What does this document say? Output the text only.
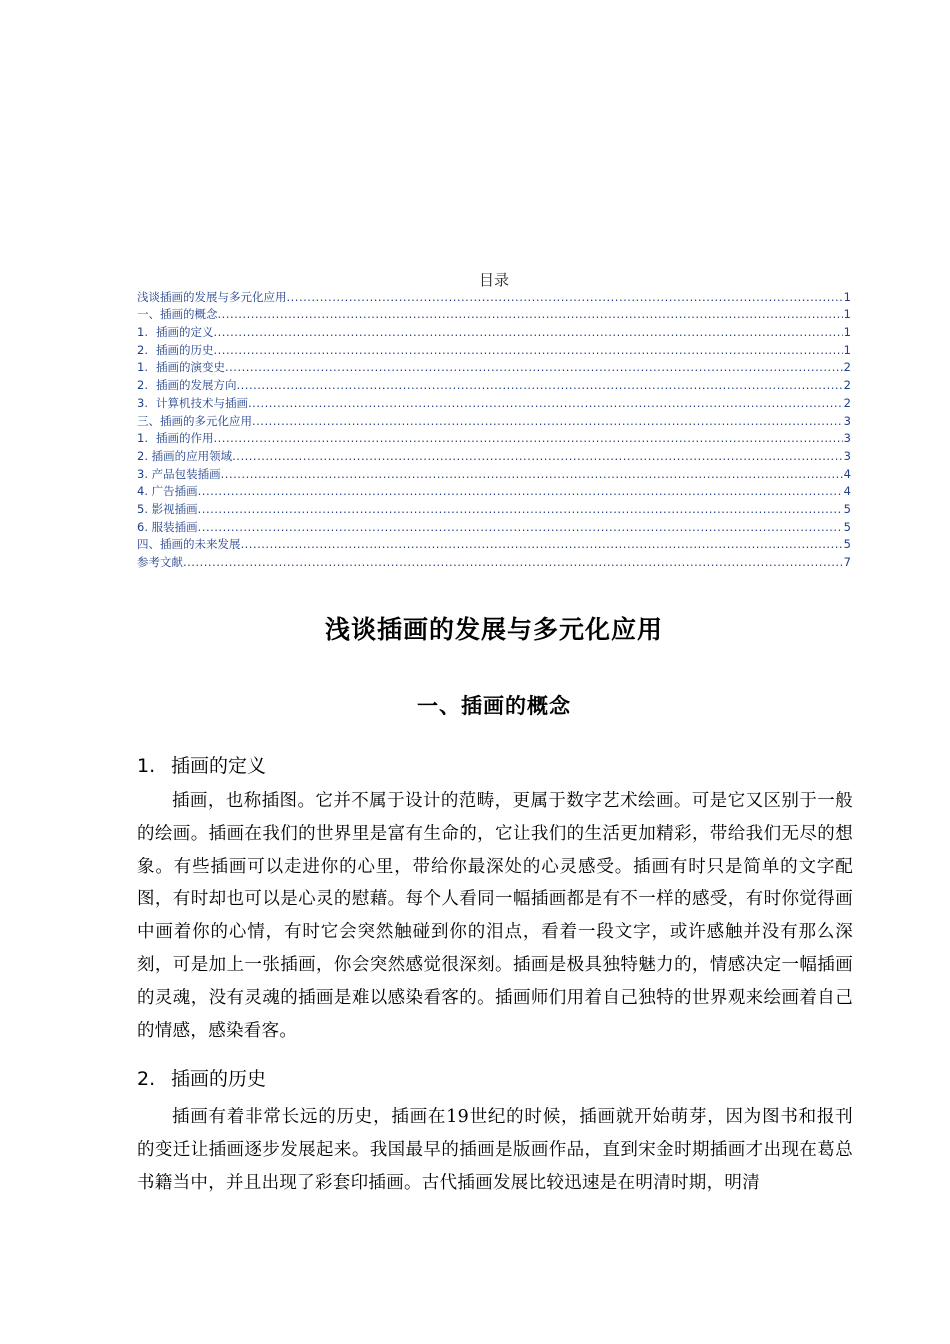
目录
浅谈插画的发展与多元化应用 .....	1
一、插画的概念 .....	1
1. 插画的定义 .....	1
2. 插画的历史 .....	1
1. 插画的演变史 .....	2
2. 插画的发展方向 .....	2
3. 计算机技术与插画 .....	2
三、插画的多元化应用 .....	3
1. 插画的作用 .....	3
2. 插画的应用领域 .....	3
3. 产品包装插画 .....	4
4. 广告插画 .....	4
5. 影视插画 .....	5
6. 服装插画 .....	5
四、插画的未来发展 .....	5
参考文献 .....	7
浅谈插画的发展与多元化应用
一、插画的概念
1. 插画的定义
插画，也称插图。它并不属于设计的范畴，更属于数字艺术绘画。可是它又区别于一般的绘画。插画在我们的世界里是富有生命的，它让我们的生活更加精彩，带给我们无尽的想象。有些插画可以走进你的心里，带给你最深处的心灵感受。插画有时只是简单的文字配图，有时却也可以是心灵的慰藉。每个人看同一幅插画都是有不一样的感受，有时你觉得画中画着你的心情，有时它会突然触碰到你的泪点，看着一段文字，或许感触并没有那么深刻，可是加上一张插画，你会突然感觉很深刻。插画是极具独特魅力的，情感决定一幅插画的灵魂，没有灵魂的插画是难以感染看客的。插画师们用着自己独特的世界观来绘画着自己的情感，感染看客。
2. 插画的历史
插画有着非常长远的历史，插画在19世纪的时候，插画就开始萌芽，因为图书和报刊的变迁让插画逐步发展起来。我国最早的插画是版画作品，直到宋金时期插画才出现在葛总书籍当中，并且出现了彩套印插画。古代插画发展比较迅速是在明清时期，明清
